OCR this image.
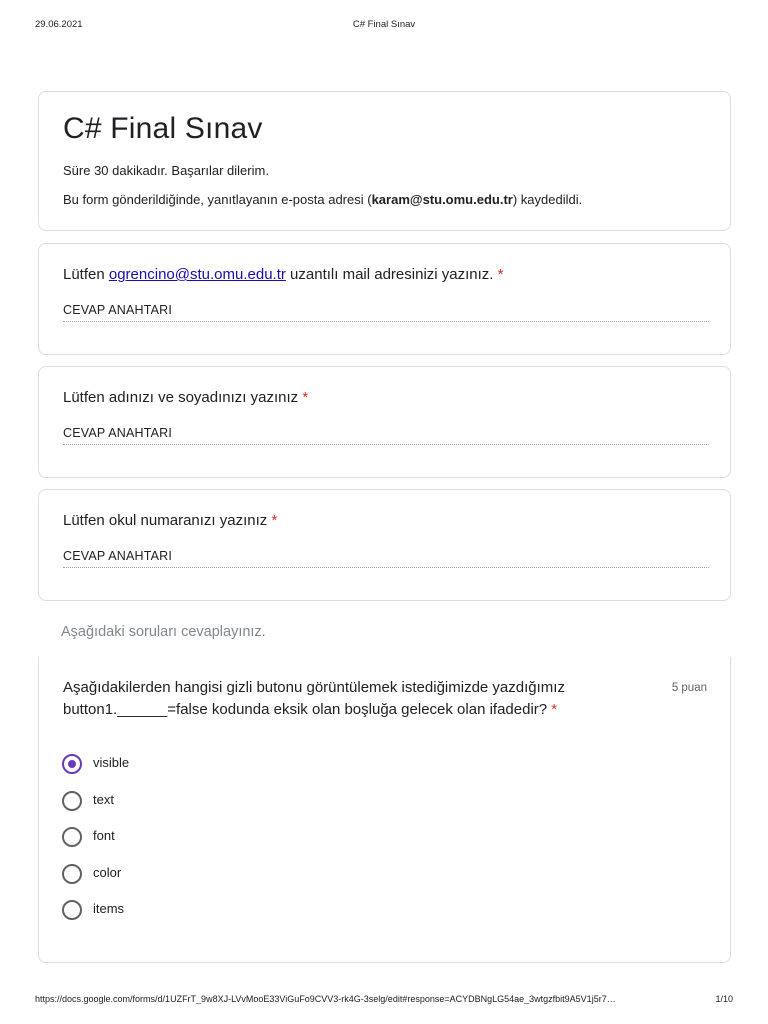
29.06.2021	C# Final Sınav
C# Final Sınav
Süre 30 dakikadır. Başarılar dilerim.
Bu form gönderildiğinde, yanıtlayanın e-posta adresi (karam@stu.omu.edu.tr) kaydedildi.
Lütfen ogrencino@stu.omu.edu.tr uzantılı mail adresinizi yazınız. *
CEVAP ANAHTARI
Lütfen adınızı ve soyadınızı yazınız *
CEVAP ANAHTARI
Lütfen okul numaranızı yazınız *
CEVAP ANAHTARI
Aşağıdaki soruları cevaplayınız.
Aşağıdakilerden hangisi gizli butonu görüntülemek istediğimizde yazdığımız button1.______=false kodunda eksik olan boşluğa gelecek olan ifadedir? *
5 puan
visible
text
font
color
items
https://docs.google.com/forms/d/1UZFrT_9w8XJ-LVvMooE33ViGuFo9CVV3-rk4G-3selg/edit#response=ACYDBNgLG54ae_3wtgzfbit9A5V1j5r7…	1/10
